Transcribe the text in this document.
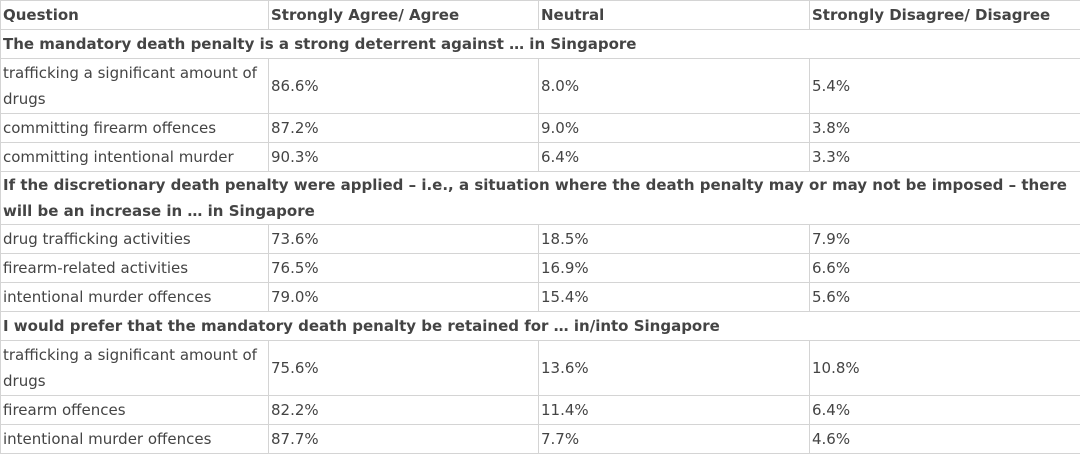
Question	Strongly Agree/ Agree	Neutral	Strongly Disagree/ Disagree
The mandatory death penalty is a strong deterrent against … in Singapore			
trafficking a significant amount of drugs	86.6%	8.0%	5.4%
committing firearm offences	87.2%	9.0%	3.8%
committing intentional murder	90.3%	6.4%	3.3%
If the discretionary death penalty were applied – i.e., a situation where the death penalty may or may not be imposed – there will be an increase in … in Singapore			
drug trafficking activities	73.6%	18.5%	7.9%
firearm-related activities	76.5%	16.9%	6.6%
intentional murder offences	79.0%	15.4%	5.6%
I would prefer that the mandatory death penalty be retained for … in/into Singapore			
trafficking a significant amount of drugs	75.6%	13.6%	10.8%
firearm offences	82.2%	11.4%	6.4%
intentional murder offences	87.7%	7.7%	4.6%
